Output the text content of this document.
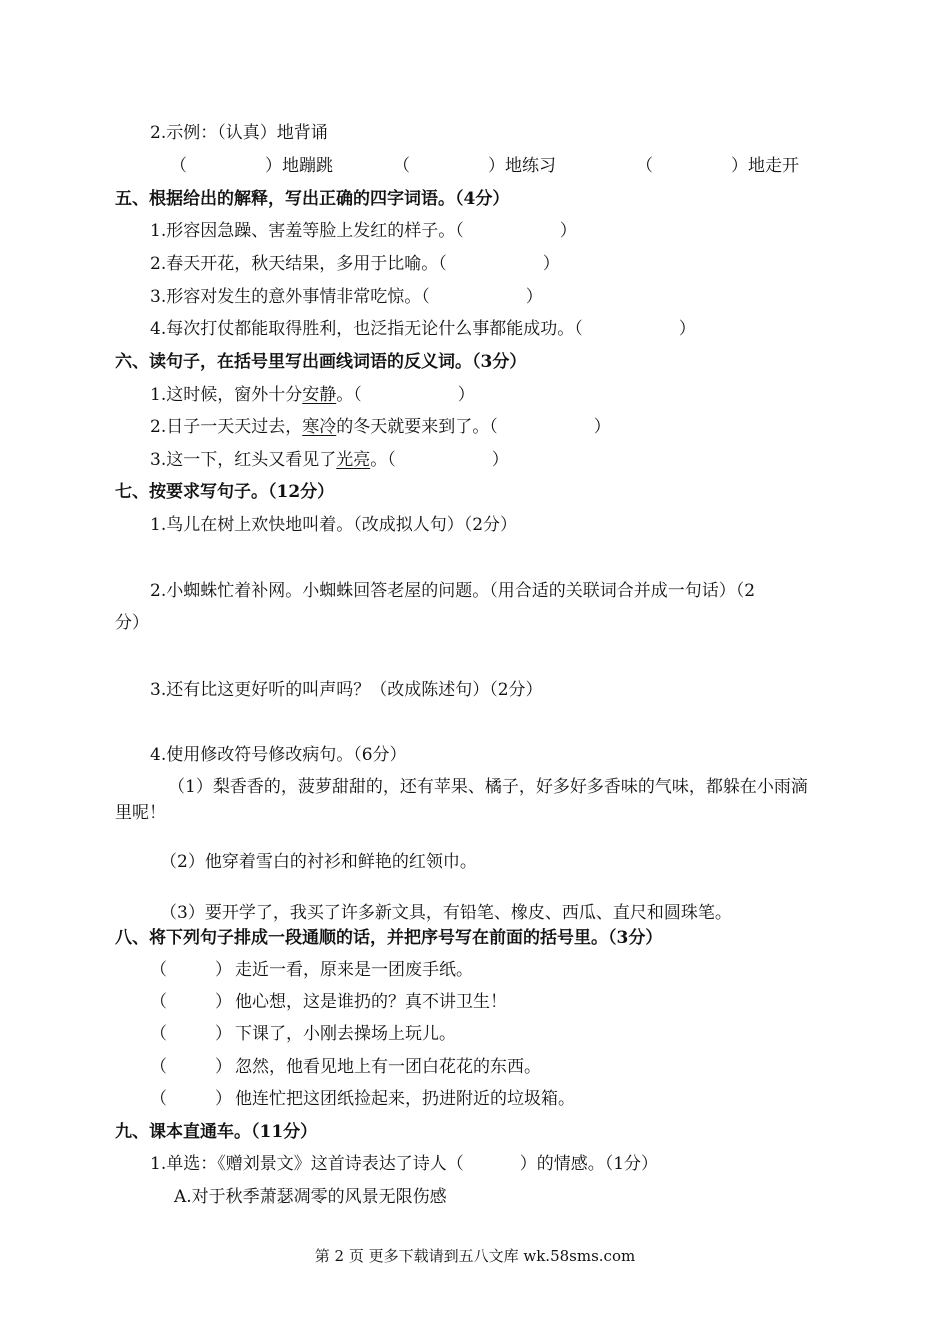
2.示例：（认真）地背诵
（	）地蹦跳	（	）地练习	（	）地走开
五、根据给出的解释，写出正确的四字词语。（4分）
1.形容因急躁、害羞等脸上发红的样子。（	）
2.春天开花，秋天结果，多用于比喻。（	）
3.形容对发生的意外事情非常吃惊。（	）
4.每次打仗都能取得胜利，也泛指无论什么事都能成功。（	）
六、读句子，在括号里写出画线词语的反义词。（3分）
1.这时候，窗外十分安静。（	）
2.日子一天天过去，寒冷的冬天就要来到了。（	）
3.这一下，红头又看见了光亮。（	）
七、按要求写句子。（12分）
1.鸟儿在树上欢快地叫着。（改成拟人句）（2分）
2.小蜘蛛忙着补网。小蜘蛛回答老屋的问题。（用合适的关联词合并成一句话）（2
分）
3.还有比这更好听的叫声吗？（改成陈述句）（2分）
4.使用修改符号修改病句。（6分）
（1）梨香香的，菠萝甜甜的，还有苹果、橘子，好多好多香味的气味，都躲在小雨滴
里呢！
（2）他穿着雪白的衬衫和鲜艳的红领巾。
（3）要开学了，我买了许多新文具，有铅笔、橡皮、西瓜、直尺和圆珠笔。
八、将下列句子排成一段通顺的话，并把序号写在前面的括号里。（3分）
（	） 走近一看，原来是一团废手纸。
（	） 他心想，这是谁扔的？真不讲卫生！
（	） 下课了，小刚去操场上玩儿。
（	） 忽然，他看见地上有一团白花花的东西。
（	） 他连忙把这团纸捡起来，扔进附近的垃圾箱。
九、课本直通车。（11分）
1.单选：《赠刘景文》这首诗表达了诗人（	）的情感。（1分）
A.对于秋季萧瑟凋零的风景无限伤感
第 2 页 更多下载请到五八文库 wk.58sms.com
